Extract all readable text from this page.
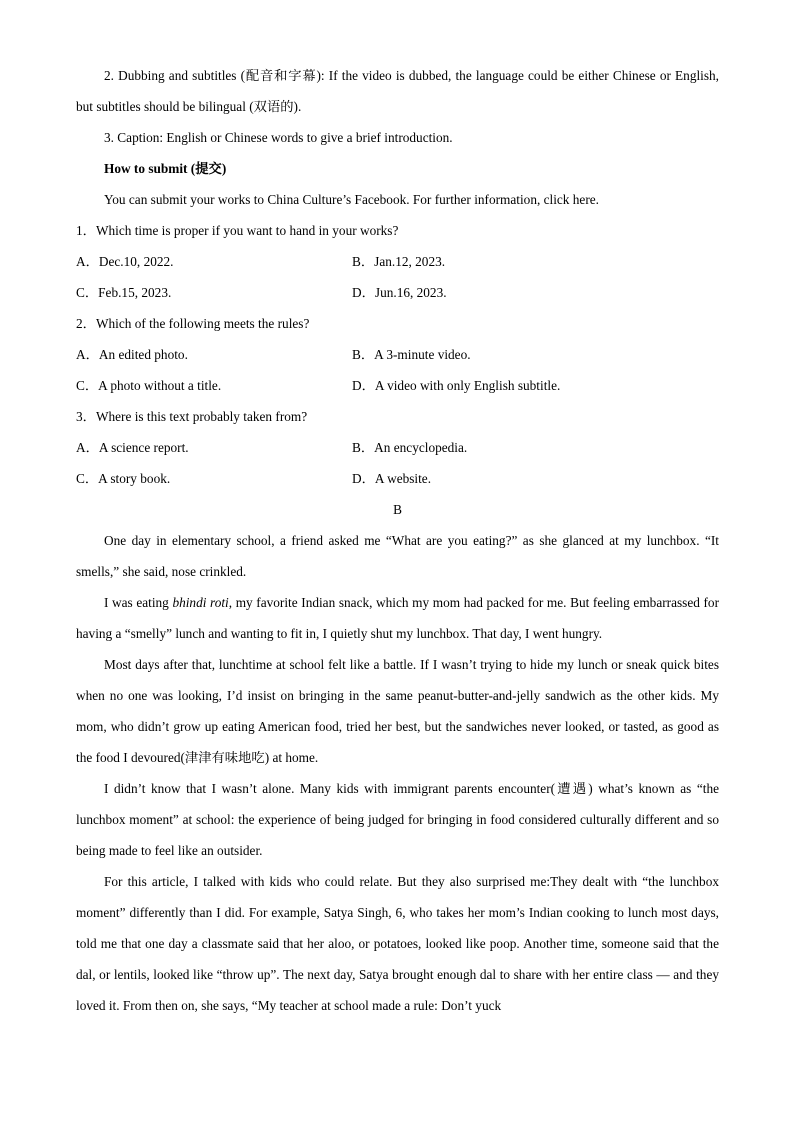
2. Dubbing and subtitles (配音和字幕): If the video is dubbed, the language could be either Chinese or English, but subtitles should be bilingual (双语的).
3. Caption: English or Chinese words to give a brief introduction.
How to submit (提交)
You can submit your works to China Culture’s Facebook. For further information, click here.
1．Which time is proper if you want to hand in your works?
A．Dec.10, 2022.	B．Jan.12, 2023.
C．Feb.15, 2023.	D．Jun.16, 2023.
2．Which of the following meets the rules?
A．An edited photo.	B．A 3-minute video.
C．A photo without a title.	D．A video with only English subtitle.
3．Where is this text probably taken from?
A．A science report.	B．An encyclopedia.
C．A story book.	D．A website.
B
One day in elementary school, a friend asked me “What are you eating?” as she glanced at my lunchbox. “It smells,” she said, nose crinkled.
I was eating bhindi roti, my favorite Indian snack, which my mom had packed for me. But feeling embarrassed for having a “smelly” lunch and wanting to fit in, I quietly shut my lunchbox. That day, I went hungry.
Most days after that, lunchtime at school felt like a battle. If I wasn’t trying to hide my lunch or sneak quick bites when no one was looking, I’d insist on bringing in the same peanut-butter-and-jelly sandwich as the other kids. My mom, who didn’t grow up eating American food, tried her best, but the sandwiches never looked, or tasted, as good as the food I devoured(津津有味地吃) at home.
I didn’t know that I wasn’t alone. Many kids with immigrant parents encounter(遭遇) what’s known as “the lunchbox moment” at school: the experience of being judged for bringing in food considered culturally different and so being made to feel like an outsider.
For this article, I talked with kids who could relate. But they also surprised me:They dealt with “the lunchbox moment” differently than I did. For example, Satya Singh, 6, who takes her mom’s Indian cooking to lunch most days, told me that one day a classmate said that her aloo, or potatoes, looked like poop. Another time, someone said that the dal, or lentils, looked like “throw up”. The next day, Satya brought enough dal to share with her entire class — and they loved it. From then on, she says, “My teacher at school made a rule: Don’t yuck
